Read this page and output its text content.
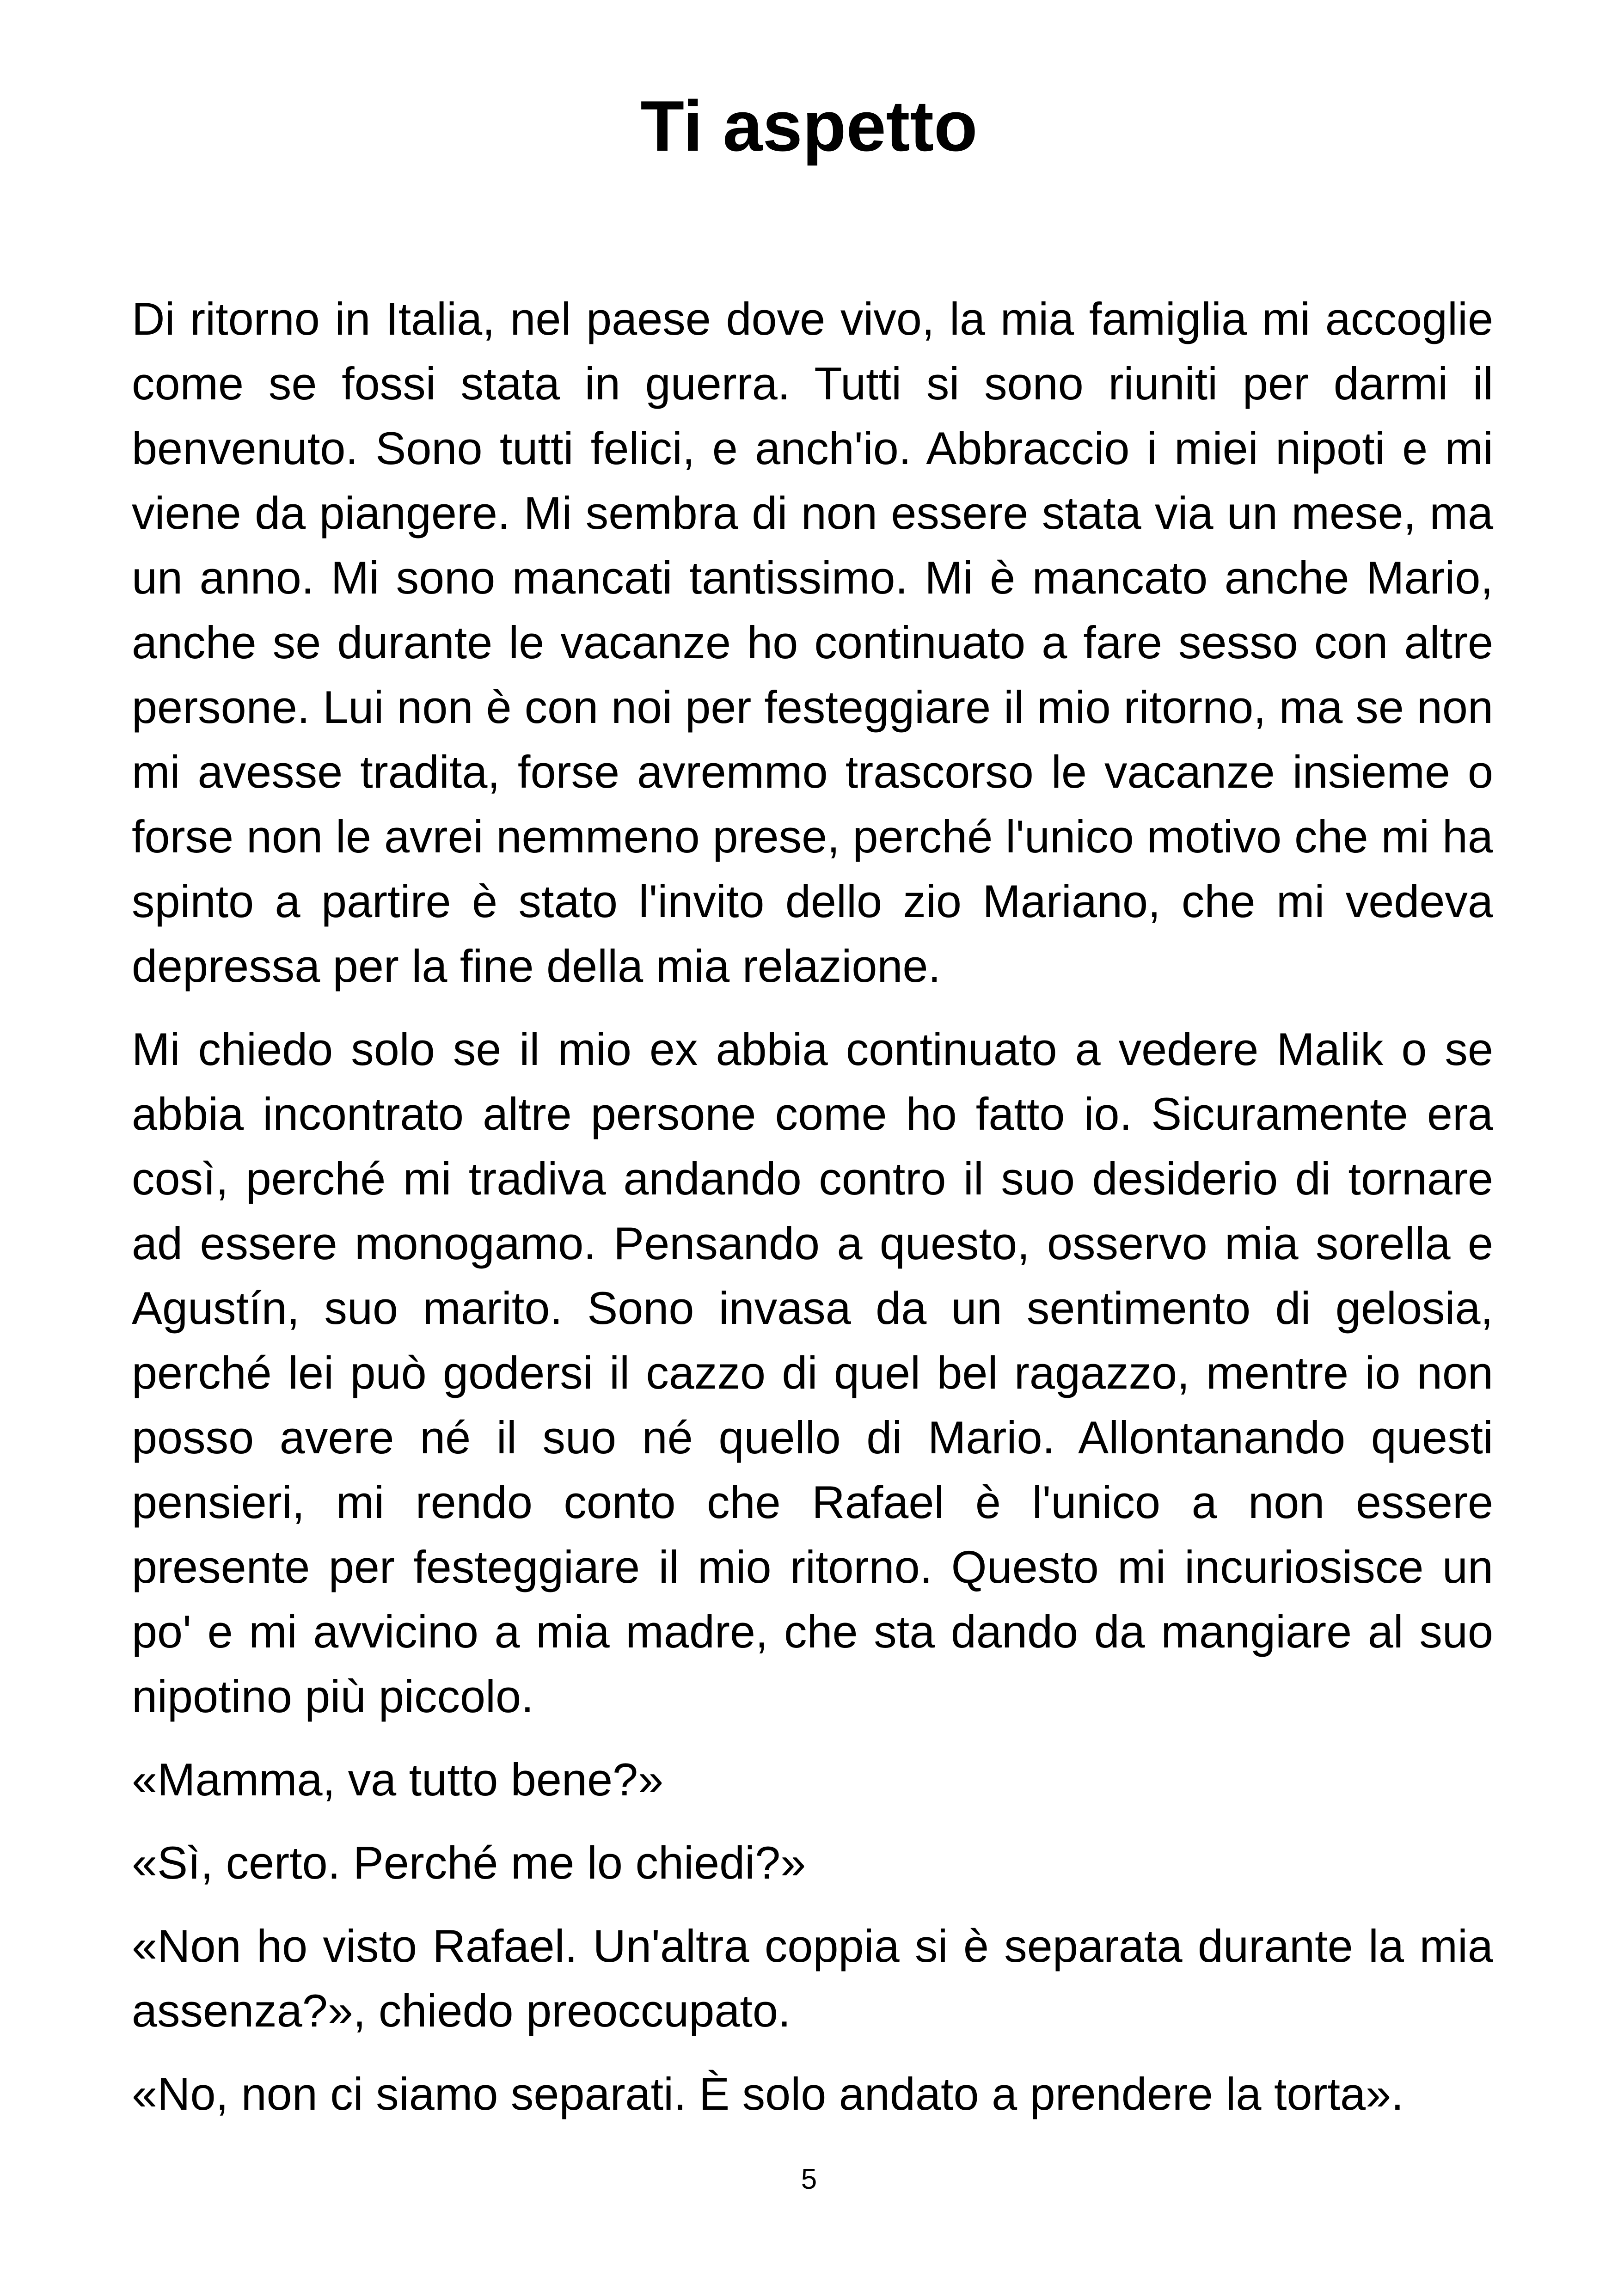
Ti aspetto

Di ritorno in Italia, nel paese dove vivo, la mia famiglia mi accoglie come se fossi stata in guerra. Tutti si sono riuniti per darmi il benvenuto. Sono tutti felici, e anch'io. Abbraccio i miei nipoti e mi viene da piangere. Mi sembra di non essere stata via un mese, ma un anno. Mi sono mancati tantissimo. Mi è mancato anche Mario, anche se durante le vacanze ho continuato a fare sesso con altre persone. Lui non è con noi per festeggiare il mio ritorno, ma se non mi avesse tradita, forse avremmo trascorso le vacanze insieme o forse non le avrei nemmeno prese, perché l'unico motivo che mi ha spinto a partire è stato l'invito dello zio Mariano, che mi vedeva depressa per la fine della mia relazione.

Mi chiedo solo se il mio ex abbia continuato a vedere Malik o se abbia incontrato altre persone come ho fatto io. Sicuramente era così, perché mi tradiva andando contro il suo desiderio di tornare ad essere monogamo. Pensando a questo, osservo mia sorella e Agustín, suo marito. Sono invasa da un sentimento di gelosia, perché lei può godersi il cazzo di quel bel ragazzo, mentre io non posso avere né il suo né quello di Mario. Allontanando questi pensieri, mi rendo conto che Rafael è l'unico a non essere presente per festeggiare il mio ritorno. Questo mi incuriosisce un po' e mi avvicino a mia madre, che sta dando da mangiare al suo nipotino più piccolo.

«Mamma, va tutto bene?»

«Sì, certo. Perché me lo chiedi?»

«Non ho visto Rafael. Un'altra coppia si è separata durante la mia assenza?», chiedo preoccupato.

«No, non ci siamo separati. È solo andato a prendere la torta».

5
